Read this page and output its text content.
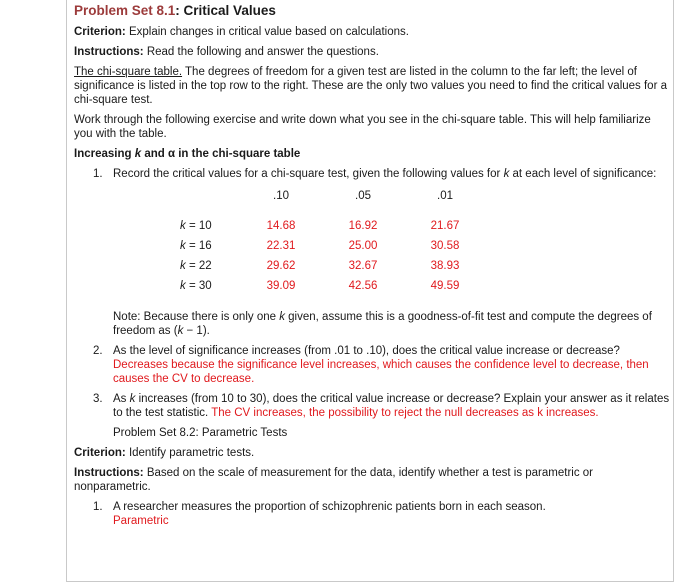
Problem Set 8.1: Critical Values

Criterion: Explain changes in critical value based on calculations.

Instructions: Read the following and answer the questions.

The chi-square table. The degrees of freedom for a given test are listed in the column to the far left; the level of significance is listed in the top row to the right. These are the only two values you need to find the critical values for a chi-square test.

Work through the following exercise and write down what you see in the chi-square table. This will help familiarize you with the table.

Increasing k and α in the chi-square table

1. Record the critical values for a chi-square test, given the following values for k at each level of significance:
	.10	.05	.01

k = 10	14.68	16.92	21.67
k = 16	22.31	25.00	30.58
k = 22	29.62	32.67	38.93
k = 30	39.09	42.56	49.59
Note: Because there is only one k given, assume this is a goodness-of-fit test and compute the degrees of freedom as (k − 1).
2. As the level of significance increases (from .01 to .10), does the critical value increase or decrease? Decreases because the significance level increases, which causes the confidence level to decrease, then causes the CV to decrease.
3. As k increases (from 10 to 30), does the critical value increase or decrease? Explain your answer as it relates to the test statistic. The CV increases, the possibility to reject the null decreases as k increases.
Problem Set 8.2: Parametric Tests

Criterion: Identify parametric tests.

Instructions: Based on the scale of measurement for the data, identify whether a test is parametric or nonparametric.

1. A researcher measures the proportion of schizophrenic patients born in each season.
Parametric
